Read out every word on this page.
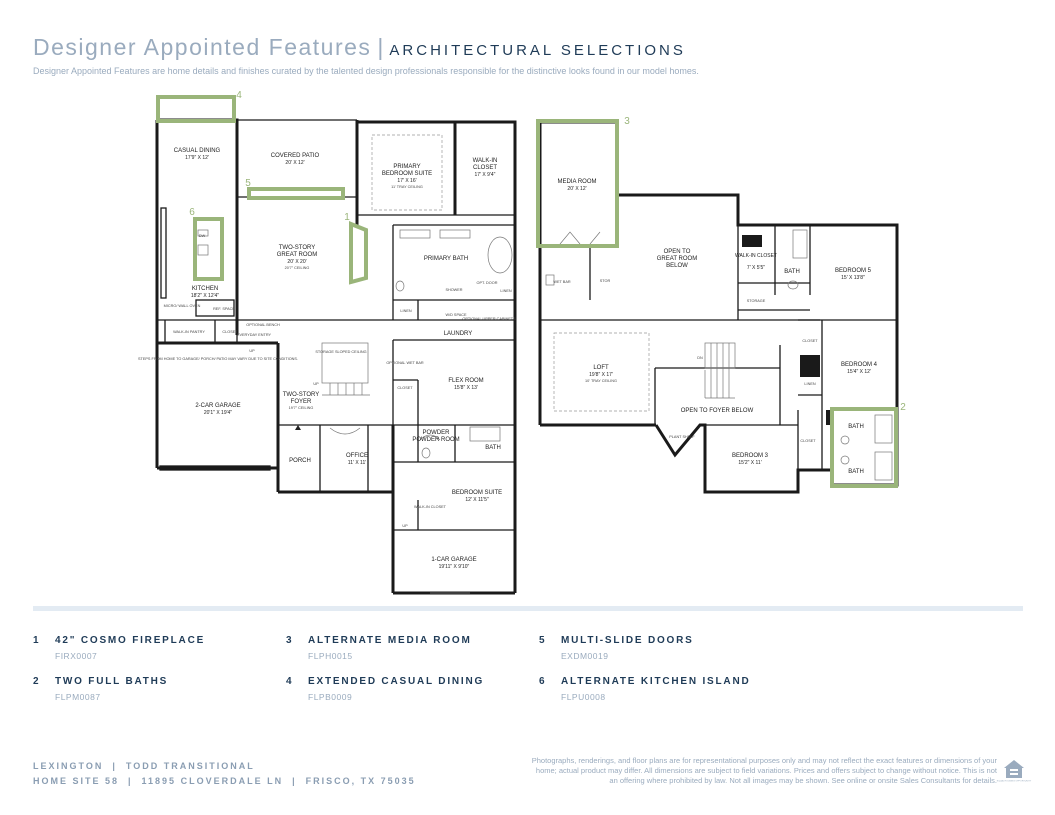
Designer Appointed Features | ARCHITECTURAL SELECTIONS
Designer Appointed Features are home details and finishes curated by the talented design professionals responsible for the distinctive looks found in our model homes.
4
5
6	1
CASUAL DINING
17'9" X 12'	COVERED PATIO
20' X 12'
PRIMARY
BEDROOM SUITE
17' X 16'
11' TRAY CEILING
WALK-IN
CLOSET
17' X 9'4"
TWO-STORY
GREAT ROOM
20' X 20'
20'7" CEILING
PRIMARY BATH
SHOWER
OPT. DOOR
LINEN
LINEN
W/D SPACE
OPTIONAL UPPER CABINETS
KITCHEN
18'2" X 12'4"
DW
MICRO/ WALL OVEN
REF. SPACE
WALK-IN PANTRY	CLOSET
OPTIONAL BENCH
EVERYDAY ENTRY
UP
LAUNDRY
STEPS FROM HOME TO GARAGE/ PORCH/ PATIO MAY VARY DUE TO SITE CONDITIONS.
STORAGE SLOPED CEILING
OPTIONAL WET BAR
2-CAR GARAGE
20'1" X 19'4"
TWO-STORY
FOYER
19'7" CEILING
UP	FLEX ROOM
15'8" X 13'
CLOSET
POWDER
POWDER ROOM
BATH
PORCH
OFFICE
11' X 11'
BEDROOM SUITE
12' X 11'5"
WALK-IN CLOSET
UP
1-CAR GARAGE
19'11" X 9'10"
3
2
MEDIA ROOM
20' X 12'
OPEN TO
GREAT ROOM
BELOW
WALK-IN CLOSET
7' X 5'5"
BATH
STORAGE
BEDROOM 5
15' X 13'8"
WET BAR	STOR
LOFT
19'8" X 17'
10' TRAY CEILING
DN
CLOSET
BEDROOM 4
15'4" X 12'
LINEN
OPEN TO FOYER BELOW
PLANT SHELF
BATH
BATH
CLOSET
BEDROOM 3
15'2" X 11'
1 42" COSMO FIREPLACE
FIRX0007
2 TWO FULL BATHS
FLPM0087
3 ALTERNATE MEDIA ROOM
FLPH0015
4 EXTENDED CASUAL DINING
FLPB0009
5 MULTI-SLIDE DOORS
EXDM0019
6 ALTERNATE KITCHEN ISLAND
FLPU0008
LEXINGTON  |  TODD TRANSITIONAL
HOME SITE 58  |  11895 CLOVERDALE LN  |  FRISCO, TX 75035
Photographs, renderings, and floor plans are for representational purposes only and may not reflect the exact features or dimensions of your home; actual product may differ. All dimensions are subject to field variations. Prices and offers subject to change without notice. This is not an offering where prohibited by law. Not all images may be shown. See online or onsite Sales Consultants for details. EQUAL HOUSING OPPORTUNITY
